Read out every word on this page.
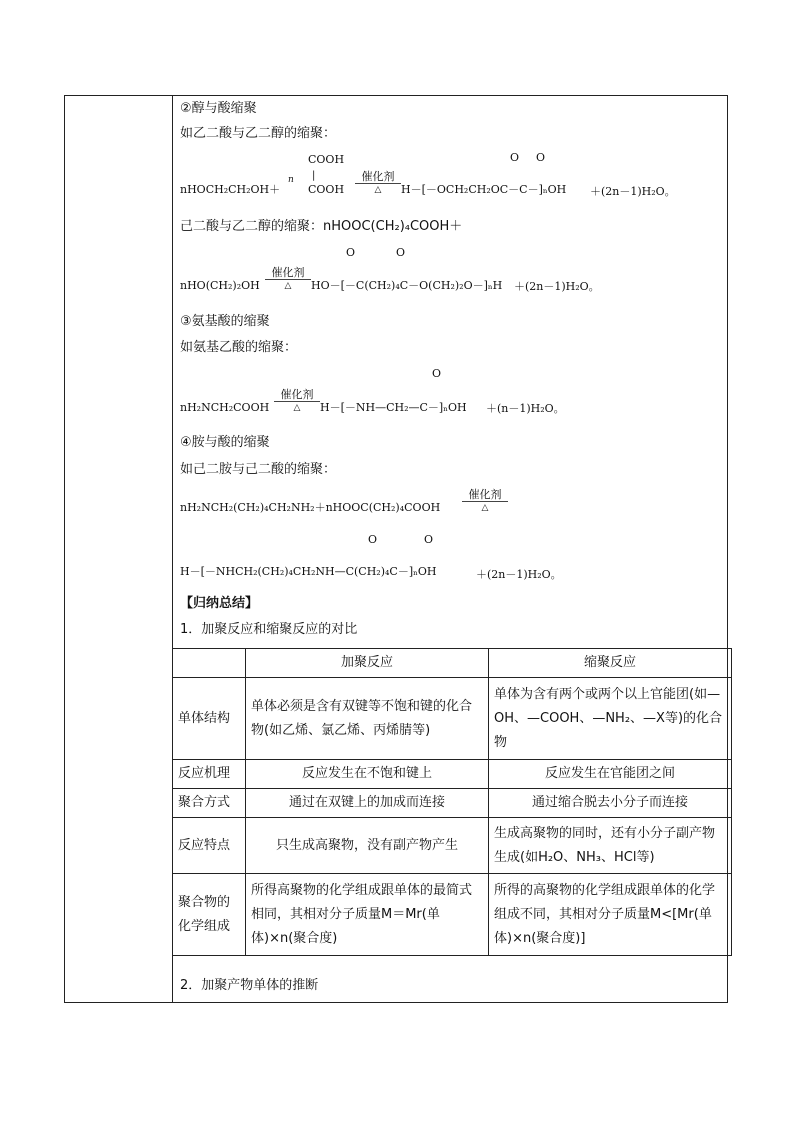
②醇与酸缩聚
如乙二酸与乙二醇的缩聚：
COOH
n |
nHOCH₂CH₂OH＋	COOH
催化剂
△
O O
H－[－OCH₂CH₂OC－C－]ₙOH ＋(2n－1)H₂O。
己二酸与乙二醇的缩聚：nHOOC(CH₂)₄COOH＋
O	O
nHO(CH₂)₂OH
催化剂
△	HO－[－C(CH₂)₄C－O(CH₂)₂O－]ₙH ＋(2n－1)H₂O。
③氨基酸的缩聚
如氨基乙酸的缩聚：
O
nH₂NCH₂COOH
催化剂
△	H－[－NH—CH₂—C－]ₙOH ＋(n－1)H₂O。
④胺与酸的缩聚
如己二胺与己二酸的缩聚：
nH₂NCH₂(CH₂)₄CH₂NH₂＋nHOOC(CH₂)₄COOH
催化剂
△
O	O
H－[－NHCH₂(CH₂)₄CH₂NH—C(CH₂)₄C－]ₙOH	＋(2n－1)H₂O。
【归纳总结】
1．加聚反应和缩聚反应的对比
	加聚反应	缩聚反应
单体结构	单体必须是含有双键等不饱和键的化合物(如乙烯、氯乙烯、丙烯腈等)	单体为含有两个或两个以上官能团(如—OH、—COOH、—NH₂、—X等)的化合物
反应机理	反应发生在不饱和键上	反应发生在官能团之间
聚合方式	通过在双键上的加成而连接	通过缩合脱去小分子而连接
反应特点	只生成高聚物，没有副产物产生	生成高聚物的同时，还有小分子副产物生成(如H₂O、NH₃、HCl等)
聚合物的化学组成	所得高聚物的化学组成跟单体的最简式相同，其相对分子质量M＝Mr(单体)×n(聚合度)	所得的高聚物的化学组成跟单体的化学组成不同，其相对分子质量M<[Mr(单体)×n(聚合度)]
2．加聚产物单体的推断
